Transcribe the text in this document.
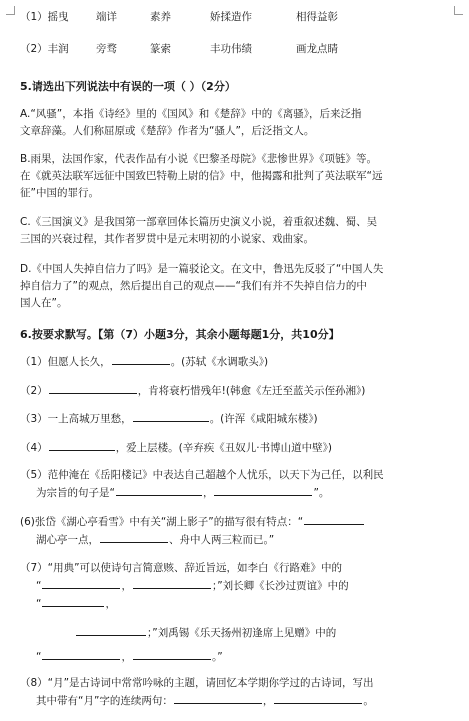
（1）摇曳	端详	素养	娇揉造作	相得益彰
（2）丰润	旁骛	篆索	丰功伟绩	画龙点睛
5.请选出下列说法中有误的一项（ ）（2分）
A.“风骚”，本指《诗经》里的《国风》和《楚辞》中的《离骚》，后来泛指
文章辞藻。人们称屈原或《楚辞》作者为“骚人”，后泛指文人。
B.雨果，法国作家，代表作品有小说《巴黎圣母院》《悲惨世界》《项链》等。
在《就英法联军远征中国致巴特勒上尉的信》中，他揭露和批判了英法联军“远
征”中国的罪行。
C.《三国演义》是我国第一部章回体长篇历史演义小说，着重叙述魏、蜀、吴
三国的兴衰过程，其作者罗贯中是元末明初的小说家、戏曲家。
D.《中国人失掉自信力了吗》是一篇驳论文。在文中，鲁迅先反驳了“中国人失
掉自信力了”的观点，然后提出自己的观点——“我们有并不失掉自信力的中
国人在”。
6.按要求默写。【第（7）小题3分，其余小题每题1分，共10分】
（1）但愿人长久，	。(苏轼《水调歌头》)
（2）	，肯将衰朽惜残年!(韩愈《左迁至蓝关示侄孙湘》)
（3）一上高城万里愁，	。(许浑《咸阳城东楼》)
（4）	，爱上层楼。(辛弃疾《丑奴儿·书博山道中壁》)
（5）范仲淹在《岳阳楼记》中表达自己超越个人忧乐，以天下为己任，以利民
为宗旨的句子是“	，	”。
(6)张岱《湖心亭看雪》中有关“湖上影子”的描写很有特点：“
湖心亭一点，	、舟中人两三粒而已。”
（7）“用典”可以使诗句言简意赅、辞近旨远，如李白《行路难》中的
“	，	；”刘长卿《长沙过贾谊》中的
“	，
；”刘禹锡《乐天扬州初逢席上见赠》中的
“	，	。”
（8）“月”是古诗词中常常吟咏的主题，请回忆本学期你学过的古诗词，写出
其中带有“月”字的连续两句：	，	。
